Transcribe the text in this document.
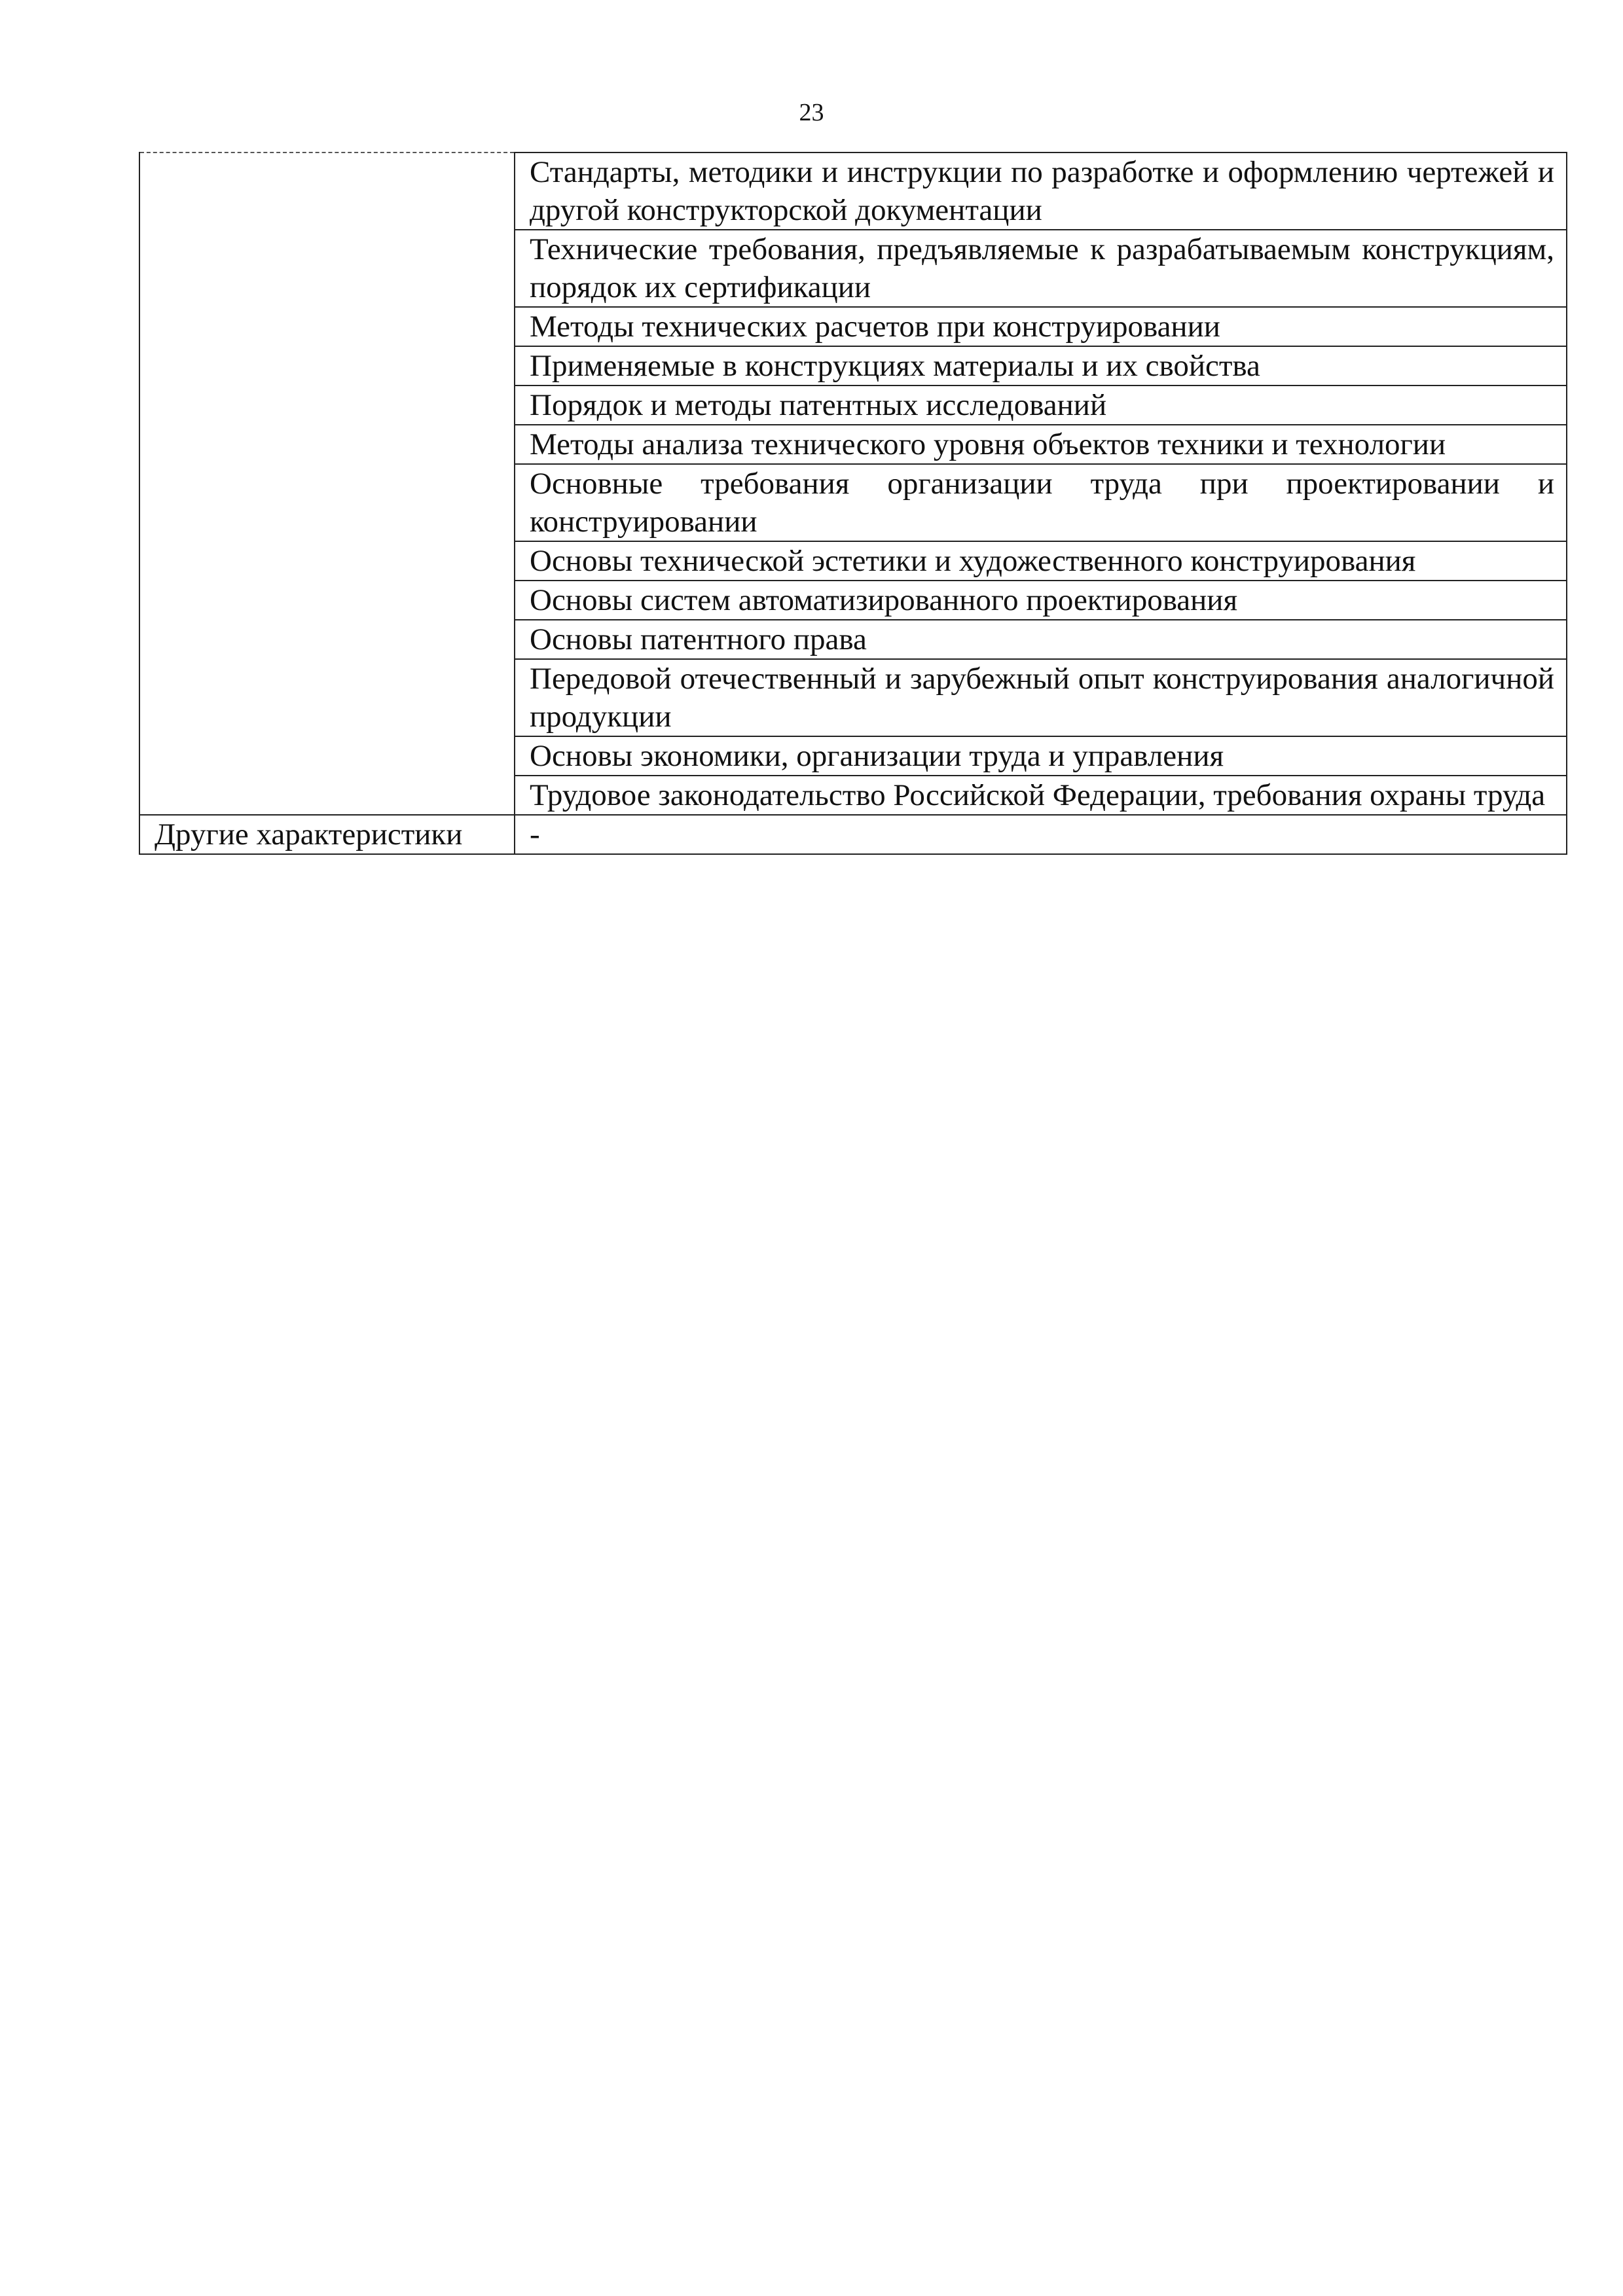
23
	Стандарты, методики и инструкции по разработке и оформлению чертежей и другой конструкторской документации
	Технические требования, предъявляемые к разрабатываемым конструкциям, порядок их сертификации
	Методы технических расчетов при конструировании
	Применяемые в конструкциях материалы и их свойства
	Порядок и методы патентных исследований
	Методы анализа технического уровня объектов техники и технологии
	Основные требования организации труда при проектировании и конструировании
	Основы технической эстетики и художественного конструирования
	Основы систем автоматизированного проектирования
	Основы патентного права
	Передовой отечественный и зарубежный опыт конструирования аналогичной продукции
	Основы экономики, организации труда и управления
	Трудовое законодательство Российской Федерации, требования охраны труда
Другие характеристики	-
